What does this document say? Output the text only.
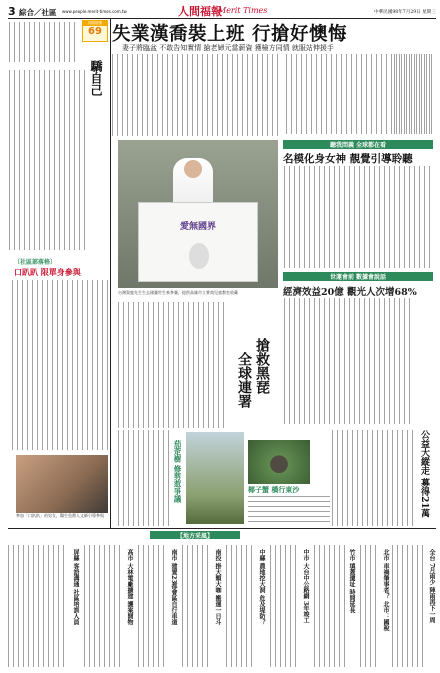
3 綜合／社區 www.people.merit-times.com.tw	人間福報
Merit Times	中華民國98年7月29日 星期三
同勝財團
69
驕自己
〔社區部落格〕
口趴趴 限單身參與
參加「口趴趴」的男女，醫生免費人文師引導參與
失業漢喬裝上班 行搶好懊悔
妻子將臨盆 不敢告知實情 搶老婦元當薪資 獲檢方同情 就服站伸援手
愛無國界
台灣賀鹿先生生去國賽世生來參賽，提供高雄市立實商兒童教室收藏
搶救黑琵
全球連署
茄萣樹 修剪惹爭議	椰子蟹 橫行東沙
聽我問義 全球都在看
名模化身女神 靚覺引導聆聽
世運會前 數據會說話
經濟效益20億 觀光人次增68%
公益大縱走 募得21萬
【地方采風】
全台 7月雨少 陣雨再下一周
北市 車禍肇事者？ 北市：國稅
竹市 填蓋遺址 時間延長
中市 大台中公路網 3年竣工
中縣 農地挖大洞 危及堤防？
南投 掛大顆大咖 搬運一日斗
南市 建置23都會區自行車道
高市 大林電廠擴建 護案開物
屏縣 客語溝通 社區培訓人員
